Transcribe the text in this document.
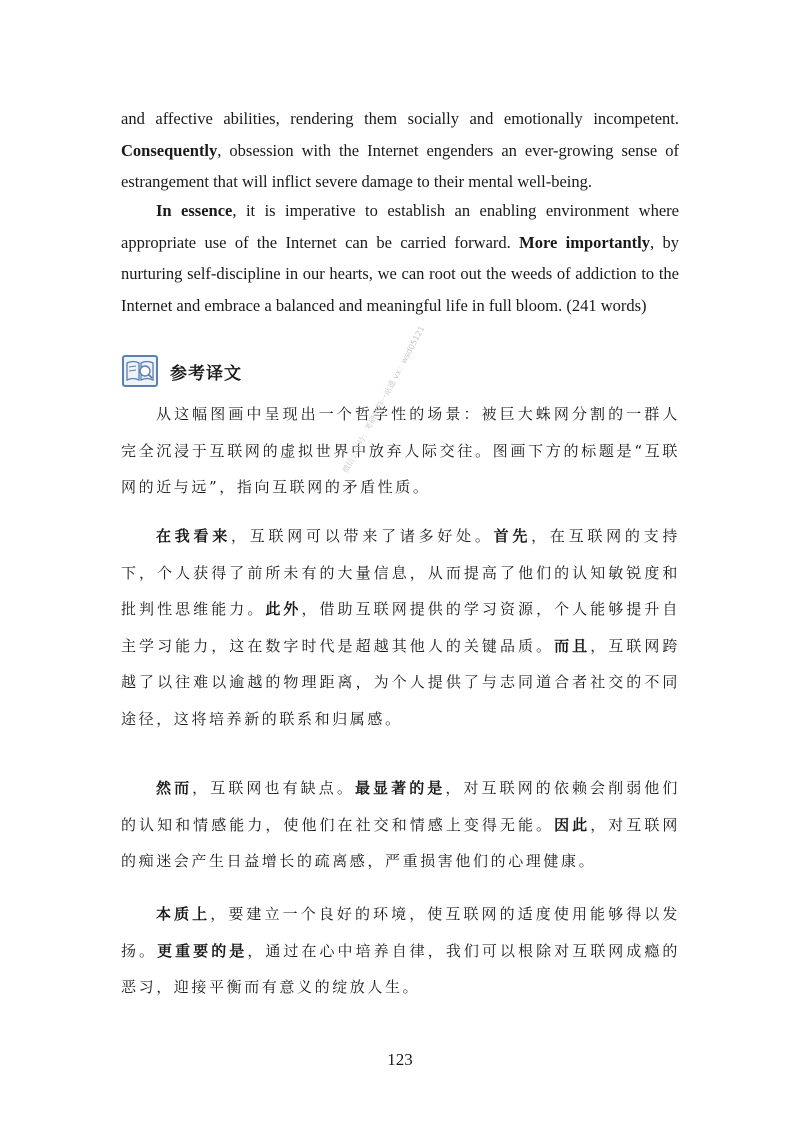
and affective abilities, rendering them socially and emotionally incompetent. Consequently, obsession with the Internet engenders an ever-growing sense of estrangement that will inflict severe damage to their mental well-being.

In essence, it is imperative to establish an enabling environment where appropriate use of the Internet can be carried forward. More importantly, by nurturing self-discipline in our hearts, we can root out the weeds of addiction to the Internet and embrace a balanced and meaningful life in full bloom. (241 words)

参考译文

从这幅图画中呈现出一个哲学性的场景：被巨大蛛网分割的一群人完全沉浸于互联网的虚拟世界中放弃人际交往。图画下方的标题是“互联网的近与远”，指向互联网的矛盾性质。

在我看来，互联网可以带来了诸多好处。首先，在互联网的支持下，个人获得了前所未有的大量信息，从而提高了他们的认知敏锐度和批判性思维能力。此外，借助互联网提供的学习资源，个人能够提升自主学习能力，这在数字时代是超越其他人的关键品质。而且，互联网跨越了以往难以逾越的物理距离，为个人提供了与志同道合者社交的不同途径，这将培养新的联系和归属感。

然而，互联网也有缺点。最显著的是，对互联网的依赖会削弱他们的认知和情感能力，使他们在社交和情感上变得无能。因此，对互联网的痴迷会产生日益增长的疏离感，严重损害他们的心理健康。

本质上，要建立一个良好的环境，使互联网的适度使用能够得以发扬。更重要的是，通过在心中培养自律，我们可以根除对互联网成瘾的恶习，迎接平衡而有意义的绽放人生。

微信公众号：考研资料一站通 vx：wsd05121
123
